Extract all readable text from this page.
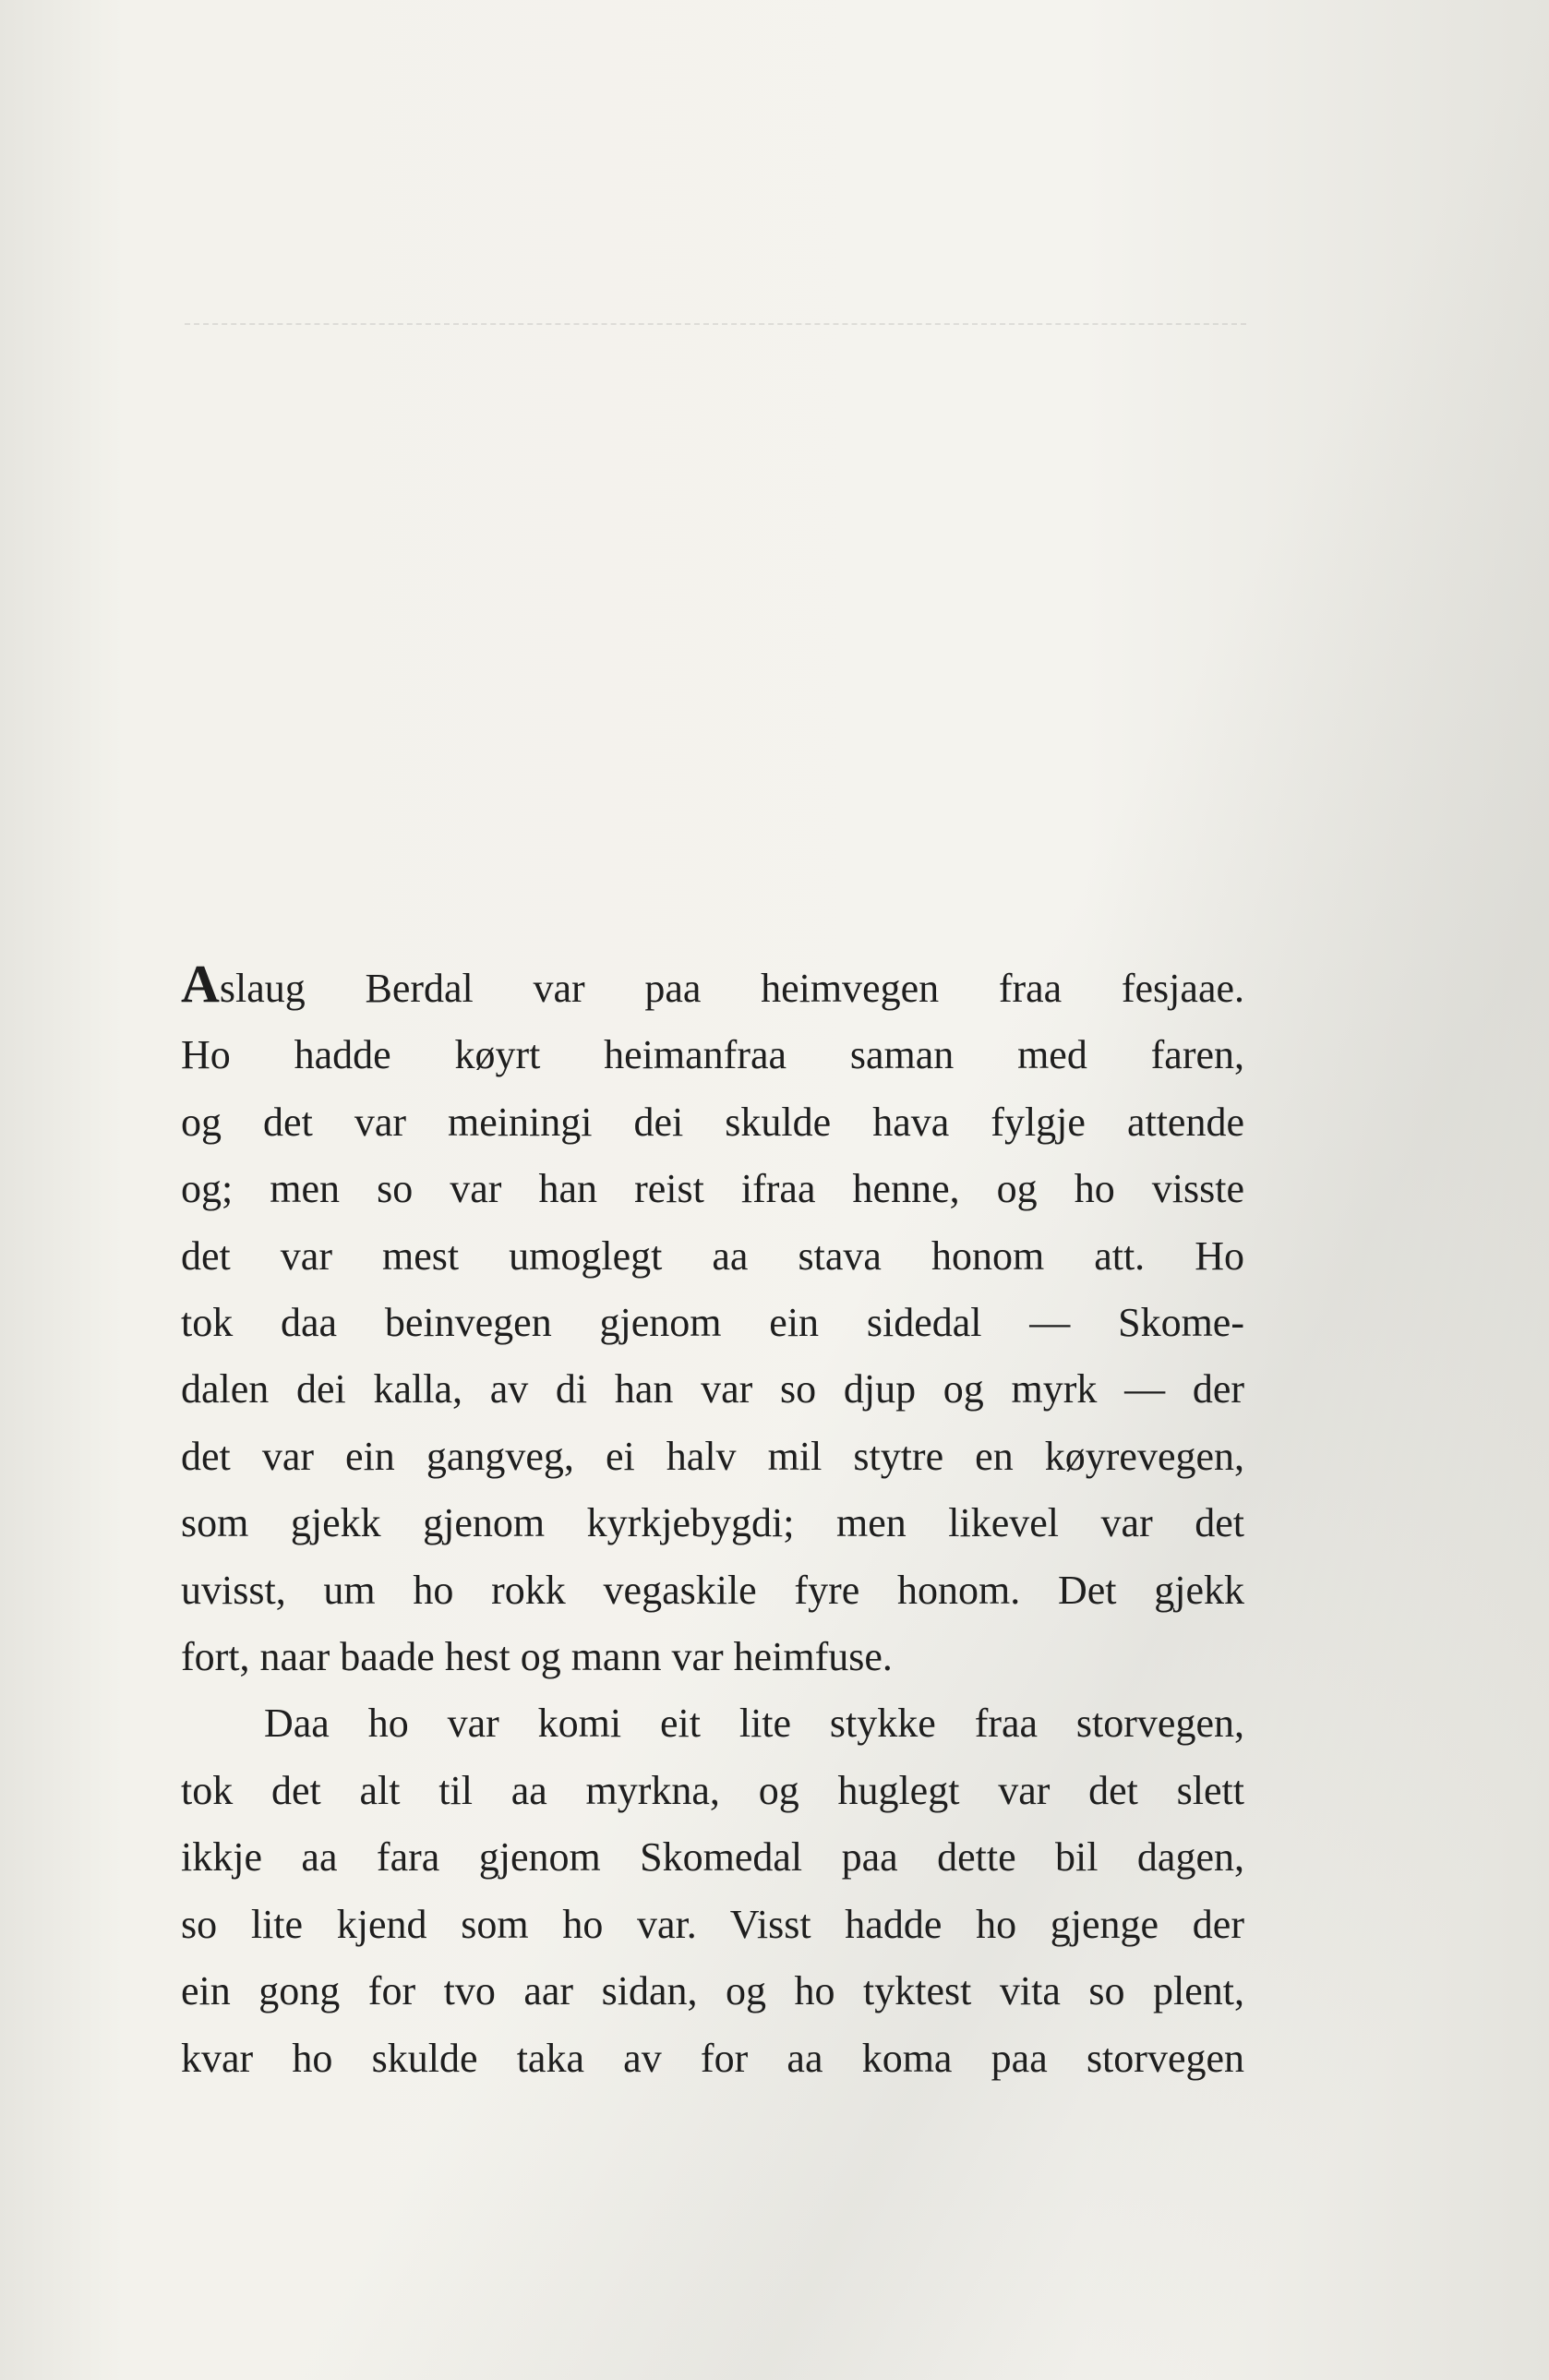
Aslaug Berdal var paa heimvegen fraa fesjaae.
Ho hadde køyrt heimanfraa saman med faren,
og det var meiningi dei skulde hava fylgje attende
og; men so var han reist ifraa henne, og ho visste
det var mest umoglegt aa stava honom att. Ho
tok daa beinvegen gjenom ein sidedal — Skome-
dalen dei kalla, av di han var so djup og myrk — der
det var ein gangveg, ei halv mil stytre en køyrevegen,
som gjekk gjenom kyrkjebygdi; men likevel var det
uvisst, um ho rokk vegaskile fyre honom. Det gjekk
fort, naar baade hest og mann var heimfuse.
Daa ho var komi eit lite stykke fraa storvegen,
tok det alt til aa myrkna, og huglegt var det slett
ikkje aa fara gjenom Skomedal paa dette bil dagen,
so lite kjend som ho var. Visst hadde ho gjenge der
ein gong for tvo aar sidan, og ho tyktest vita so plent,
kvar ho skulde taka av for aa koma paa storvegen
